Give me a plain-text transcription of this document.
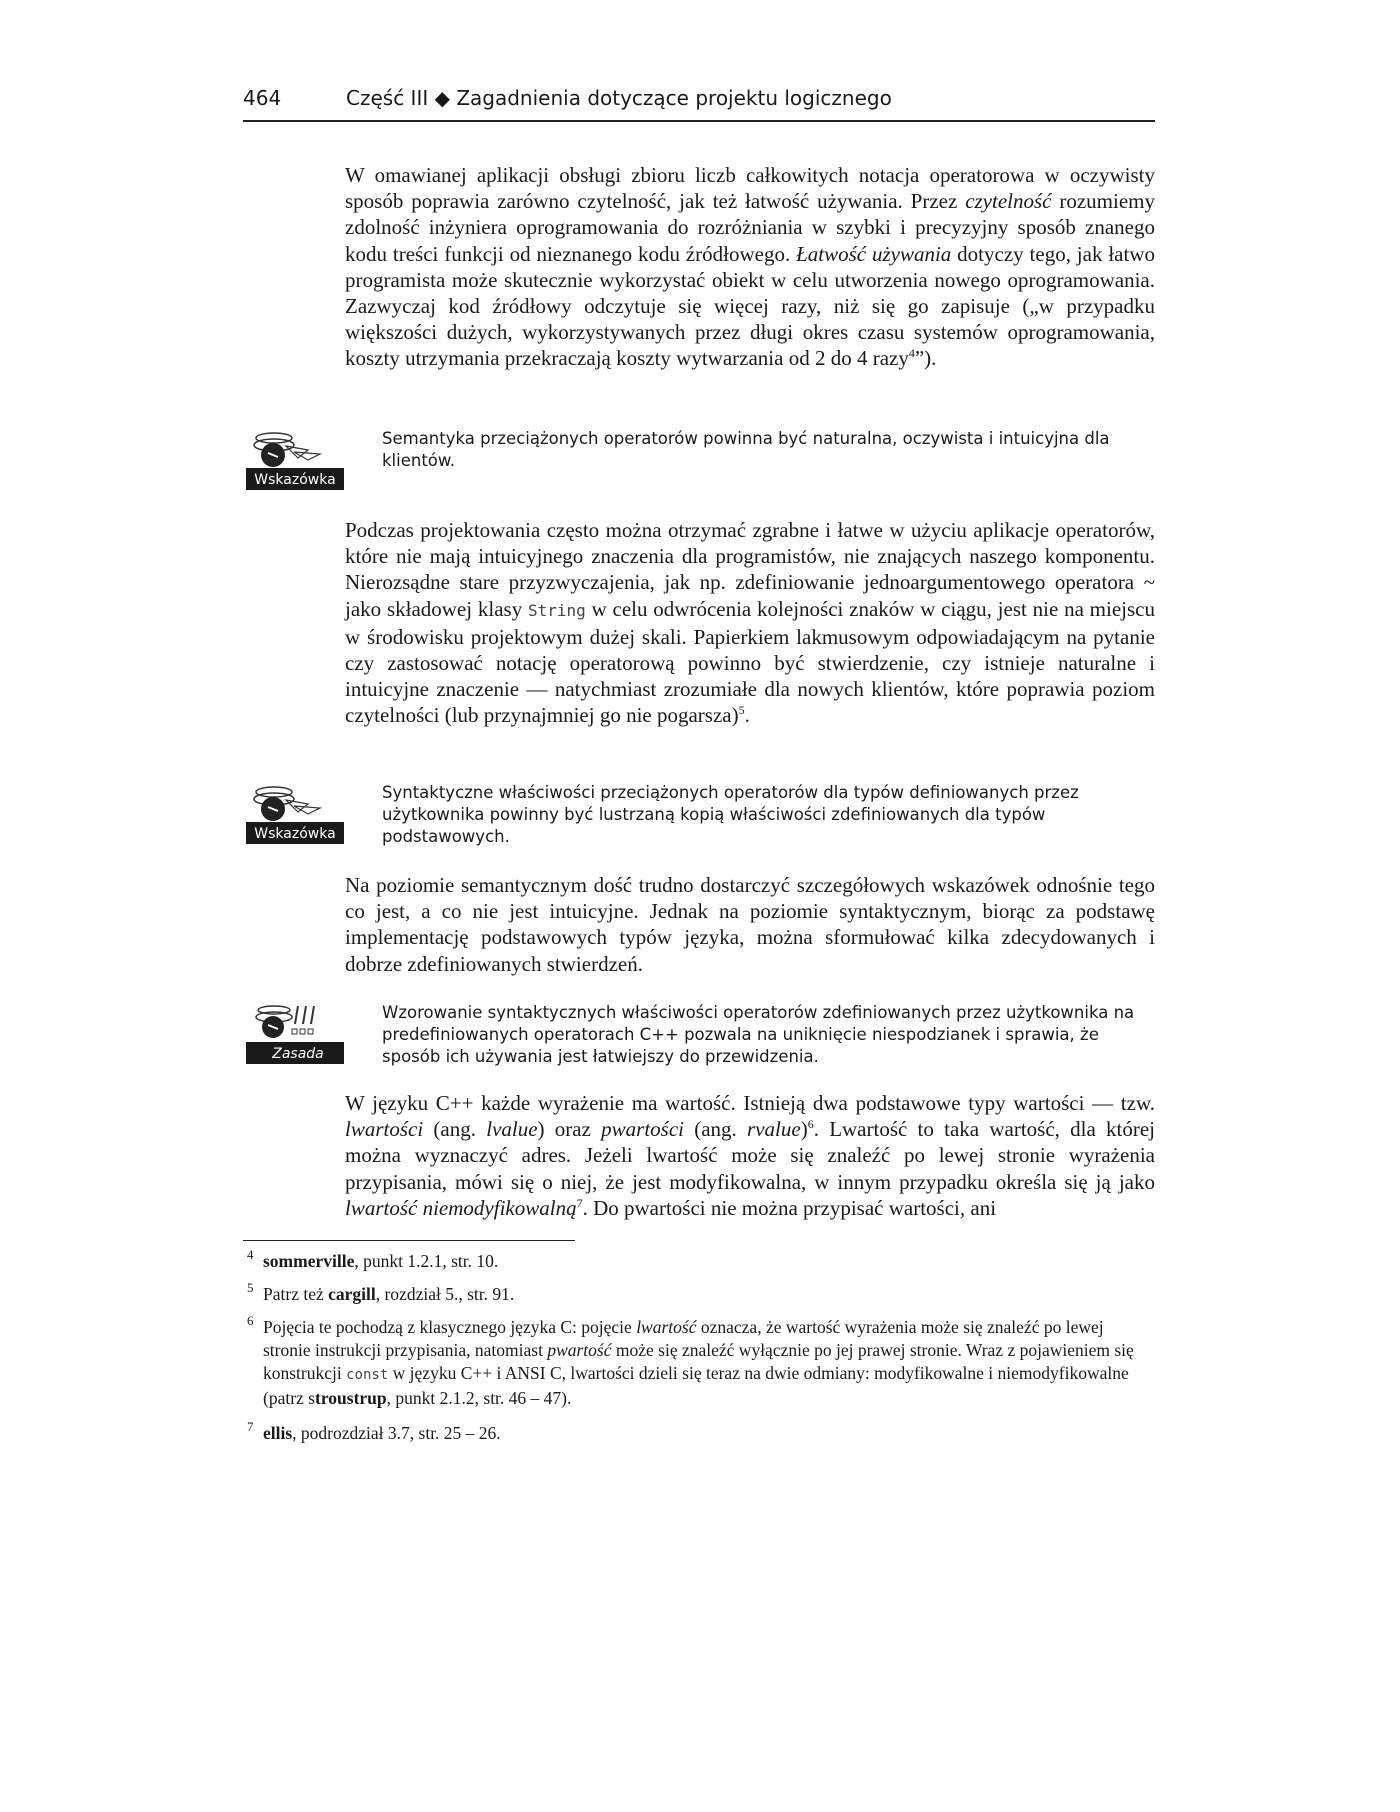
464	Część III ◆ Zagadnienia dotyczące projektu logicznego

W omawianej aplikacji obsługi zbioru liczb całkowitych notacja operatorowa w oczywisty sposób poprawia zarówno czytelność, jak też łatwość używania. Przez czytelność rozumiemy zdolność inżyniera oprogramowania do rozróżniania w szybki i precyzyjny sposób znanego kodu treści funkcji od nieznanego kodu źródłowego. Łatwość używania dotyczy tego, jak łatwo programista może skutecznie wykorzystać obiekt w celu utworzenia nowego oprogramowania. Zazwyczaj kod źródłowy odczytuje się więcej razy, niż się go zapisuje („w przypadku większości dużych, wykorzystywanych przez długi okres czasu systemów oprogramowania, koszty utrzymania przekraczają koszty wytwarzania od 2 do 4 razy$^4$”).

Wskazówka
Semantyka przeciążonych operatorów powinna być naturalna, oczywista i intuicyjna dla klientów.

Podczas projektowania często można otrzymać zgrabne i łatwe w użyciu aplikacje operatorów, które nie mają intuicyjnego znaczenia dla programistów, nie znających naszego komponentu. Nierozsądne stare przyzwyczajenia, jak np. zdefiniowanie jednoargumentowego operatora ~ jako składowej klasy String w celu odwrócenia kolejności znaków w ciągu, jest nie na miejscu w środowisku projektowym dużej skali. Papierkiem lakmusowym odpowiadającym na pytanie czy zastosować notację operatorową powinno być stwierdzenie, czy istnieje naturalne i intuicyjne znaczenie — natychmiast zrozumiałe dla nowych klientów, które poprawia poziom czytelności (lub przynajmniej go nie pogarsza)$^5$.

Wskazówka
Syntaktyczne właściwości przeciążonych operatorów dla typów definiowanych przez użytkownika powinny być lustrzaną kopią właściwości zdefiniowanych dla typów podstawowych.

Na poziomie semantycznym dość trudno dostarczyć szczegółowych wskazówek odnośnie tego co jest, a co nie jest intuicyjne. Jednak na poziomie syntaktycznym, biorąc za podstawę implementację podstawowych typów języka, można sformułować kilka zdecydowanych i dobrze zdefiniowanych stwierdzeń.

Zasada
Wzorowanie syntaktycznych właściwości operatorów zdefiniowanych przez użytkownika na predefiniowanych operatorach C++ pozwala na uniknięcie niespodzianek i sprawia, że sposób ich używania jest łatwiejszy do przewidzenia.

W języku C++ każde wyrażenie ma wartość. Istnieją dwa podstawowe typy wartości — tzw. lwartości (ang. lvalue) oraz pwartości (ang. rvalue)$^6$. Lwartość to taka wartość, dla której można wyznaczyć adres. Jeżeli lwartość może się znaleźć po lewej stronie wyrażenia przypisania, mówi się o niej, że jest modyfikowalna, w innym przypadku określa się ją jako lwartość niemodyfikowalną$^7$. Do pwartości nie można przypisać wartości, ani

4 sommerville, punkt 1.2.1, str. 10.
5 Patrz też cargill, rozdział 5., str. 91.
6 Pojęcia te pochodzą z klasycznego języka C: pojęcie lwartość oznacza, że wartość wyrażenia może się znaleźć po lewej stronie instrukcji przypisania, natomiast pwartość może się znaleźć wyłącznie po jej prawej stronie. Wraz z pojawieniem się konstrukcji const w języku C++ i ANSI C, lwartości dzieli się teraz na dwie odmiany: modyfikowalne i niemodyfikowalne (patrz stroustrup, punkt 2.1.2, str. 46 – 47).
7 ellis, podrozdział 3.7, str. 25 – 26.
